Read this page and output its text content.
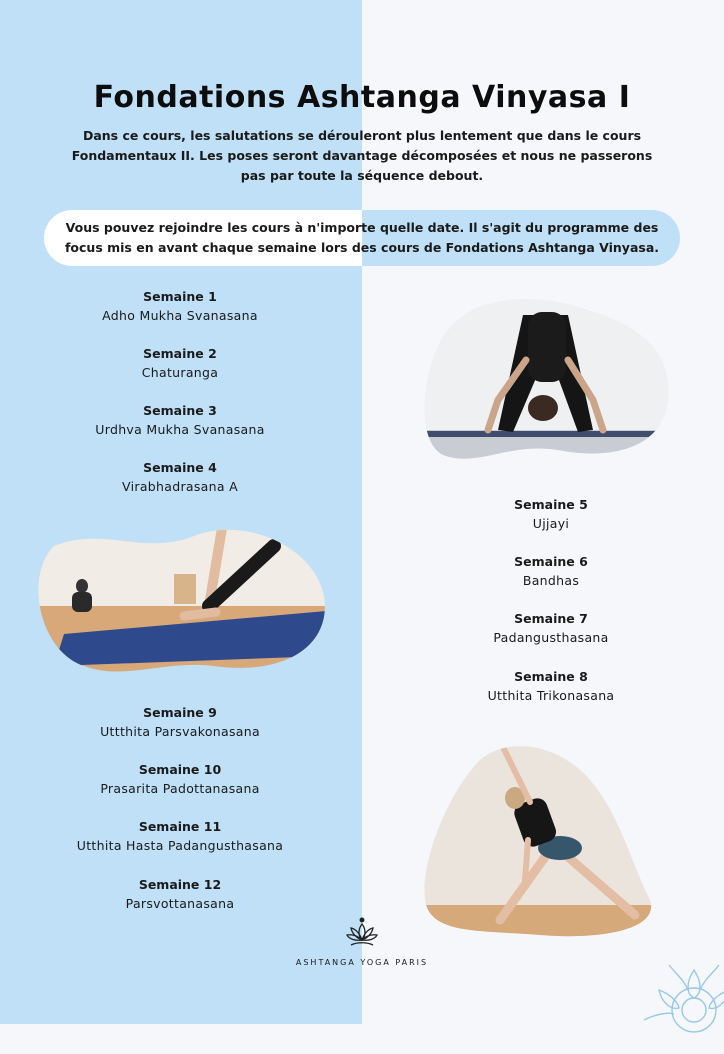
Fondations Ashtanga Vinyasa I

Dans ce cours, les salutations se dérouleront plus lentement que dans le cours Fondamentaux II. Les poses seront davantage décomposées et nous ne passerons pas par toute la séquence debout.

Vous pouvez rejoindre les cours à n'importe quelle date. Il s'agit du programme des focus mis en avant chaque semaine lors des cours de Fondations Ashtanga Vinyasa.

Semaine 1
Adho Mukha Svanasana
Semaine 2
Chaturanga
Semaine 3
Urdhva Mukha Svanasana
Semaine 4
Virabhadrasana A
Semaine 5
Ujjayi
Semaine 6
Bandhas
Semaine 7
Padangusthasana
Semaine 8
Utthita Trikonasana
Semaine 9
Uttthita Parsvakonasana
Semaine 10
Prasarita Padottanasana
Semaine 11
Utthita Hasta Padangusthasana
Semaine 12
Parsvottanasana
ASHTANGA YOGA PARIS
